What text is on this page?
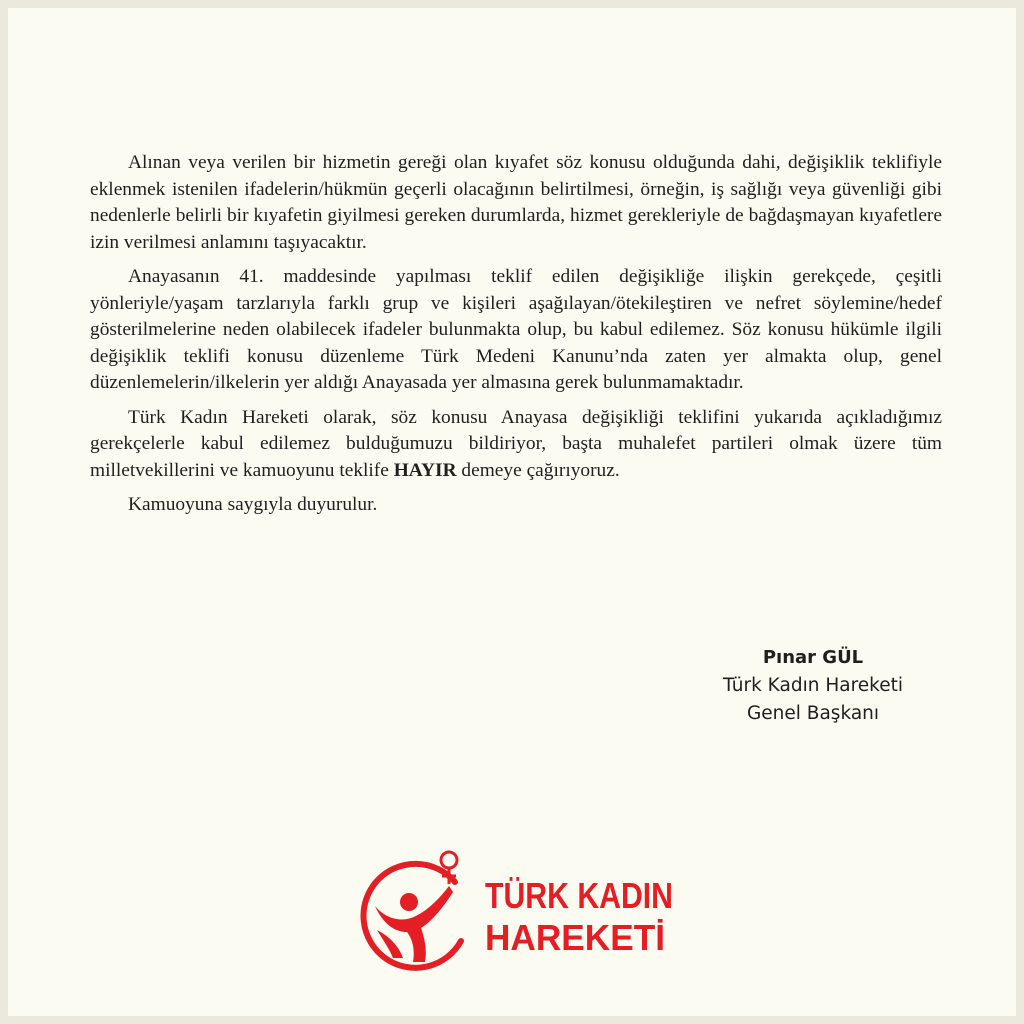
Alınan veya verilen bir hizmetin gereği olan kıyafet söz konusu olduğunda dahi, değişiklik teklifiyle eklenmek istenilen ifadelerin/hükmün geçerli olacağının belirtilmesi, örneğin, iş sağlığı veya güvenliği gibi nedenlerle belirli bir kıyafetin giyilmesi gereken durumlarda, hizmet gerekleriyle de bağdaşmayan kıyafetlere izin verilmesi anlamını taşıyacaktır.

Anayasanın 41. maddesinde yapılması teklif edilen değişikliğe ilişkin gerekçede, çeşitli yönleriyle/yaşam tarzlarıyla farklı grup ve kişileri aşağılayan/ötekileştiren ve nefret söylemine/hedef gösterilmelerine neden olabilecek ifadeler bulunmakta olup, bu kabul edilemez. Söz konusu hükümle ilgili değişiklik teklifi konusu düzenleme Türk Medeni Kanunu’nda zaten yer almakta olup, genel düzenlemelerin/ilkelerin yer aldığı Anayasada yer almasına gerek bulunmamaktadır.

Türk Kadın Hareketi olarak, söz konusu Anayasa değişikliği teklifini yukarıda açıkladığımız gerekçelerle kabul edilemez bulduğumuzu bildiriyor, başta muhalefet partileri olmak üzere tüm milletvekillerini ve kamuoyunu teklife HAYIR demeye çağırıyoruz.

Kamuoyuna saygıyla duyurulur.

Pınar GÜL
Türk Kadın Hareketi
Genel Başkanı
TÜRK KADIN
HAREKETİ
